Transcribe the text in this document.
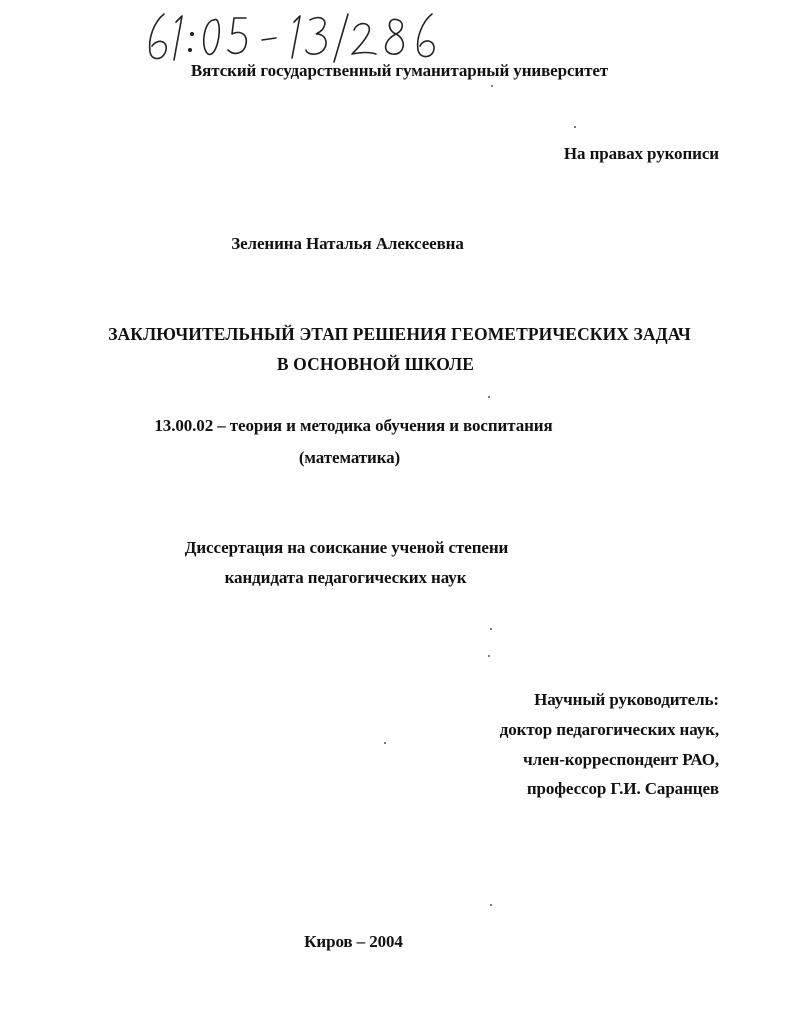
Вятский государственный гуманитарный университет
На правах рукописи
Зеленина Наталья Алексеевна
ЗАКЛЮЧИТЕЛЬНЫЙ ЭТАП РЕШЕНИЯ ГЕОМЕТРИЧЕСКИХ ЗАДАЧ
В ОСНОВНОЙ ШКОЛЕ
13.00.02 – теория и методика обучения и воспитания
(математика)
Диссертация на соискание ученой степени
кандидата педагогических наук
Научный руководитель:
доктор педагогических наук,
член-корреспондент РАО,
профессор Г.И. Саранцев
Киров – 2004
